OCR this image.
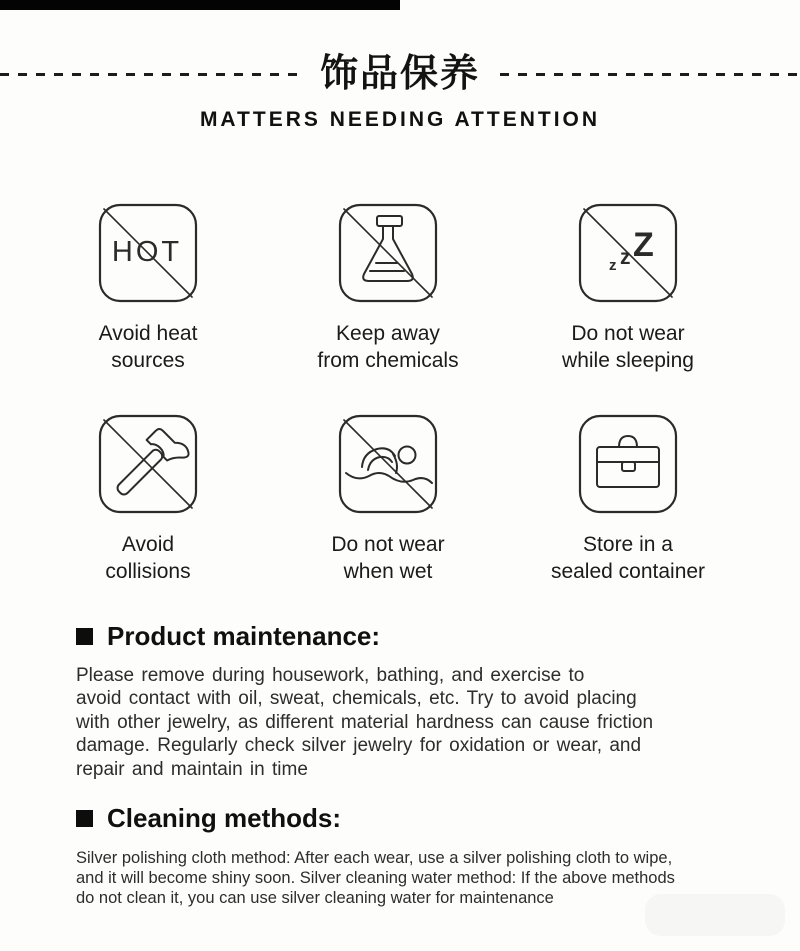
饰品保养
MATTERS NEEDING ATTENTION
HOT
Avoid heat
sources
Keep away
from chemicals
z z Z
Do not wear
while sleeping
Avoid
collisions
Do not wear
when wet
Store in a
sealed container
Product maintenance:
Please remove during housework, bathing, and exercise to
avoid contact with oil, sweat, chemicals, etc. Try to avoid placing
with other jewelry, as different material hardness can cause friction
damage. Regularly check silver jewelry for oxidation or wear, and
repair and maintain in time
Cleaning methods:
Silver polishing cloth method: After each wear, use a silver polishing cloth to wipe,
and it will become shiny soon. Silver cleaning water method: If the above methods
do not clean it, you can use silver cleaning water for maintenance
